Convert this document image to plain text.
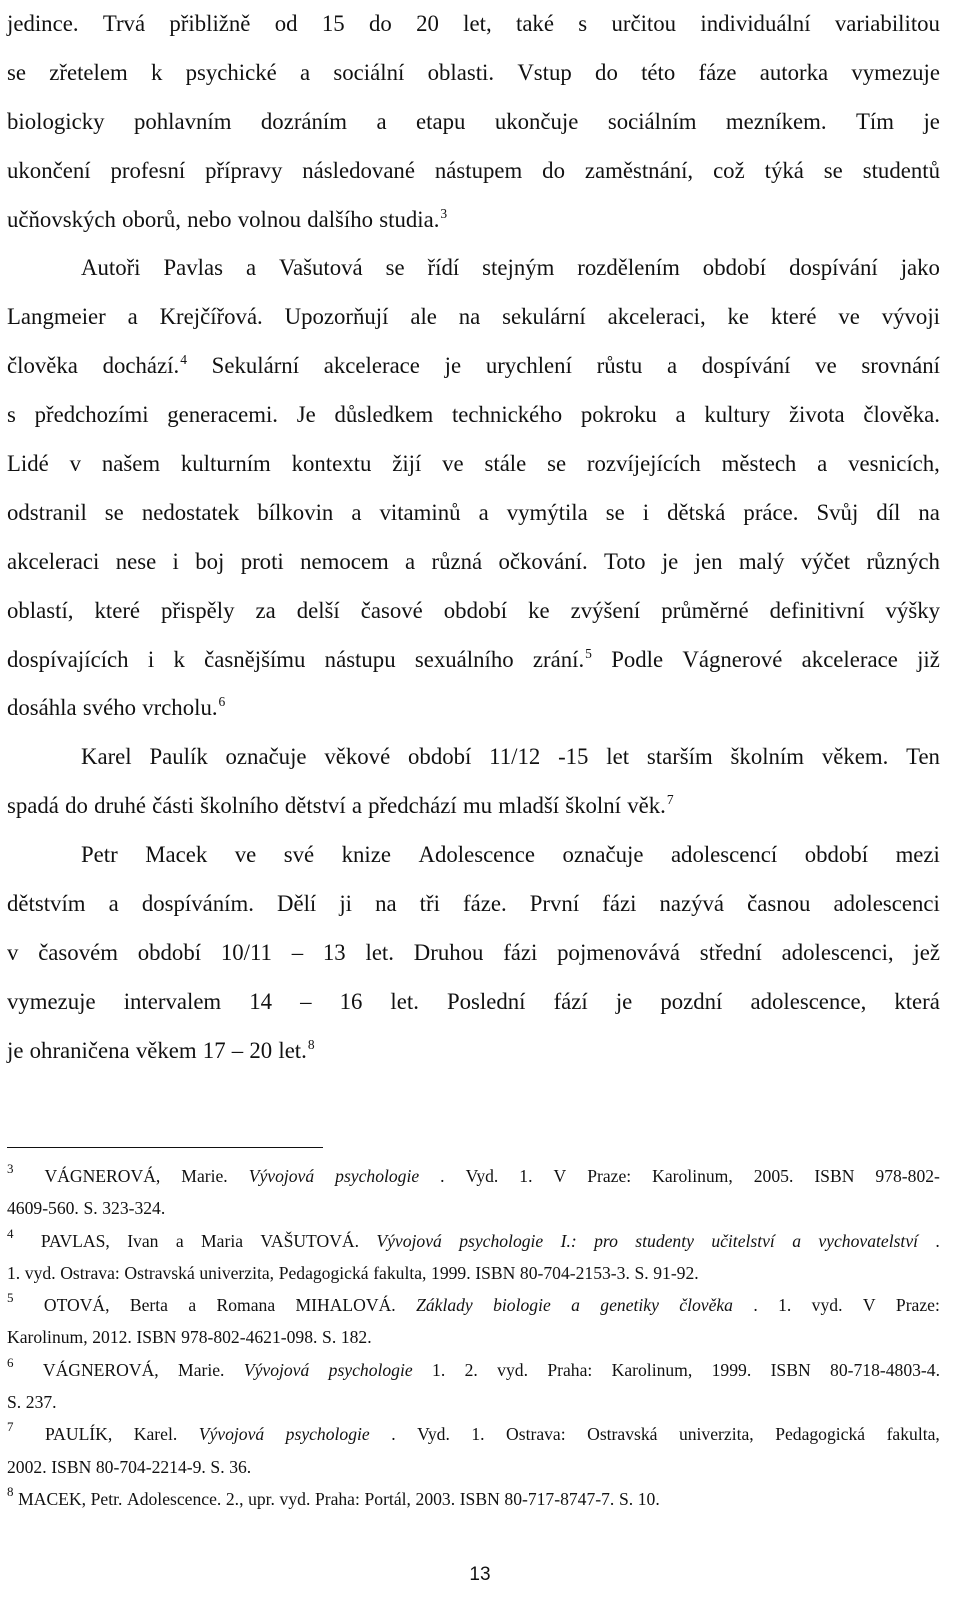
jedince. Trvá přibližně od 15 do 20 let, také s určitou individuální variabilitou
se zřetelem k psychické a sociální oblasti. Vstup do této fáze autorka vymezuje
biologicky pohlavním dozráním a etapu ukončuje sociálním mezníkem. Tím je
ukončení profesní přípravy následované nástupem do zaměstnání, což týká se studentů
učňovských oborů, nebo volnou dalšího studia.$^3$
Autoři Pavlas a Vašutová se řídí stejným rozdělením období dospívání jako
Langmeier a Krejčířová. Upozorňují ale na sekulární akceleraci, ke které ve vývoji
člověka dochází.$^4$ Sekulární akcelerace je urychlení růstu a dospívání ve srovnání
s předchozími generacemi. Je důsledkem technického pokroku a kultury života člověka.
Lidé v našem kulturním kontextu žijí ve stále se rozvíjejících městech a vesnicích,
odstranil se nedostatek bílkovin a vitaminů a vymýtila se i dětská práce. Svůj díl na
akceleraci nese i boj proti nemocem a různá očkování. Toto je jen malý výčet různých
oblastí, které přispěly za delší časové období ke zvýšení průměrné definitivní výšky
dospívajících i k časnějšímu nástupu sexuálního zrání.$^5$ Podle Vágnerové akcelerace již
dosáhla svého vrcholu.$^6$
Karel Paulík označuje věkové období 11/12 -15 let starším školním věkem. Ten
spadá do druhé části školního dětství a předchází mu mladší školní věk.$^7$
Petr Macek ve své knize Adolescence označuje adolescencí období mezi
dětstvím a dospíváním. Dělí ji na tři fáze. První fázi nazývá časnou adolescenci
v časovém období 10/11 – 13 let. Druhou fázi pojmenovává střední adolescenci, jež
vymezuje intervalem 14 – 16 let. Poslední fází je pozdní adolescence, která
je ohraničena věkem 17 – 20 let.$^8$
3 VÁGNEROVÁ, Marie. Vývojová psychologie . Vyd. 1. V Praze: Karolinum, 2005. ISBN 978-802-
4609-560. S. 323-324.
4 PAVLAS, Ivan a Maria VAŠUTOVÁ. Vývojová psychologie I.: pro studenty učitelství a vychovatelství .
1. vyd. Ostrava: Ostravská univerzita, Pedagogická fakulta, 1999. ISBN 80-704-2153-3. S. 91-92.
5 OTOVÁ, Berta a Romana MIHALOVÁ. Základy biologie a genetiky člověka . 1. vyd. V Praze:
Karolinum, 2012. ISBN 978-802-4621-098. S. 182.
6 VÁGNEROVÁ, Marie. Vývojová psychologie 1. 2. vyd. Praha: Karolinum, 1999. ISBN 80-718-4803-4.
S. 237.
7 PAULÍK, Karel. Vývojová psychologie . Vyd. 1. Ostrava: Ostravská univerzita, Pedagogická fakulta,
2002. ISBN 80-704-2214-9. S. 36.
8 MACEK, Petr. Adolescence. 2., upr. vyd. Praha: Portál, 2003. ISBN 80-717-8747-7. S. 10.
13
